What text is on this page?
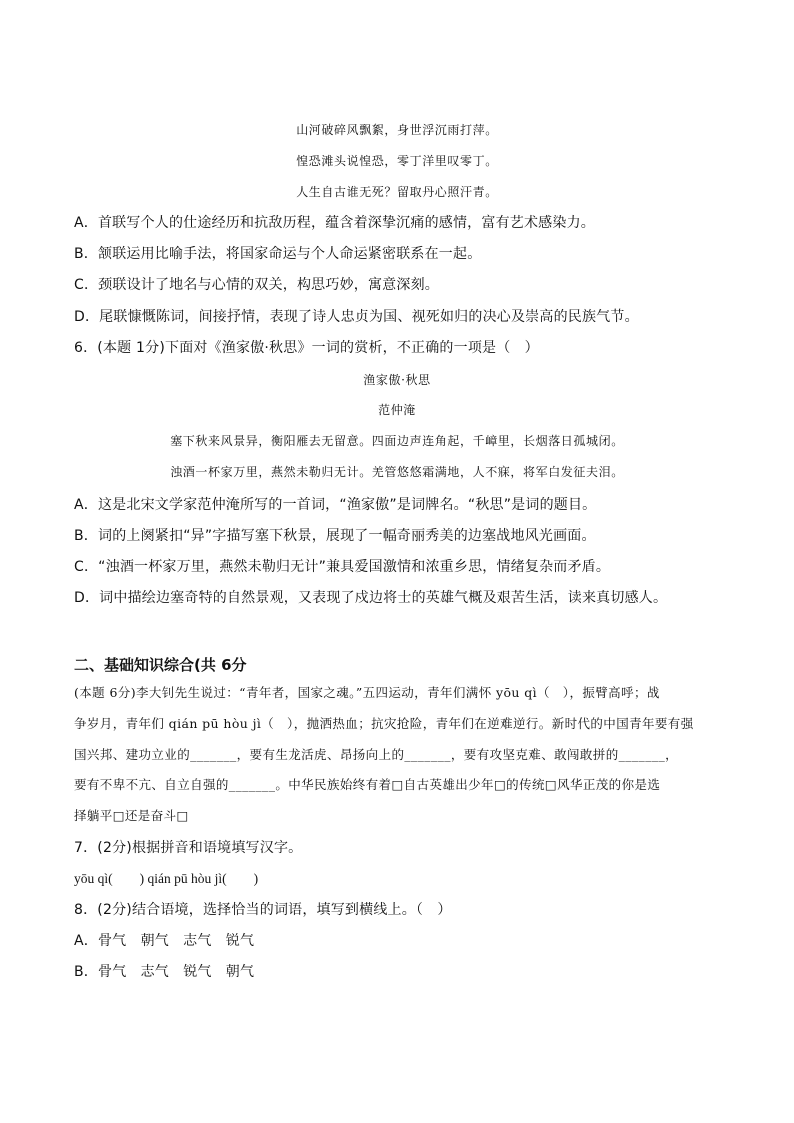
山河破碎风飘絮，身世浮沉雨打萍。
惶恐滩头说惶恐，零丁洋里叹零丁。
人生自古谁无死？留取丹心照汗青。
A．首联写个人的仕途经历和抗敌历程，蕴含着深挚沉痛的感情，富有艺术感染力。
B．颔联运用比喻手法，将国家命运与个人命运紧密联系在一起。
C．颈联设计了地名与心情的双关，构思巧妙，寓意深刻。
D．尾联慷慨陈词，间接抒情，表现了诗人忠贞为国、视死如归的决心及崇高的民族气节。
6．(本题 1分)下面对《渔家傲·秋思》一词的赏析，不正确的一项是（　）
渔家傲·秋思
范仲淹
塞下秋来风景异，衡阳雁去无留意。四面边声连角起，千嶂里，长烟落日孤城闭。
浊酒一杯家万里，燕然未勒归无计。羌管悠悠霜满地，人不寐，将军白发征夫泪。
A．这是北宋文学家范仲淹所写的一首词，“渔家傲”是词牌名。“秋思”是词的题目。
B．词的上阕紧扣“异”字描写塞下秋景，展现了一幅奇丽秀美的边塞战地风光画面。
C．“浊酒一杯家万里，燕然未勒归无计”兼具爱国激情和浓重乡思，情绪复杂而矛盾。
D．词中描绘边塞奇特的自然景观，又表现了戍边将士的英雄气概及艰苦生活，读来真切感人。
二、基础知识综合(共 6分
(本题 6分)李大钊先生说过：“青年者，国家之魂。”五四运动，青年们满怀 yōu qì（　），振臂高呼；战
争岁月，青年们 qián pū hòu jì（　），抛洒热血；抗灾抢险，青年们在逆难逆行。新时代的中国青年要有强
国兴邦、建功立业的_______，要有生龙活虎、昂扬向上的_______，要有攻坚克难、敢闯敢拼的_______，
要有不卑不亢、自立自强的_______。中华民族始终有着□自古英雄出少年□的传统□风华正茂的你是选
择躺平□还是奋斗□
7．(2分)根据拼音和语境填写汉字。
yōu qì(　　) qián pū hòu jì(　　)
8．(2分)结合语境，选择恰当的词语，填写到横线上。（　）
A．骨气　朝气　志气　锐气
B．骨气　志气　锐气　朝气
